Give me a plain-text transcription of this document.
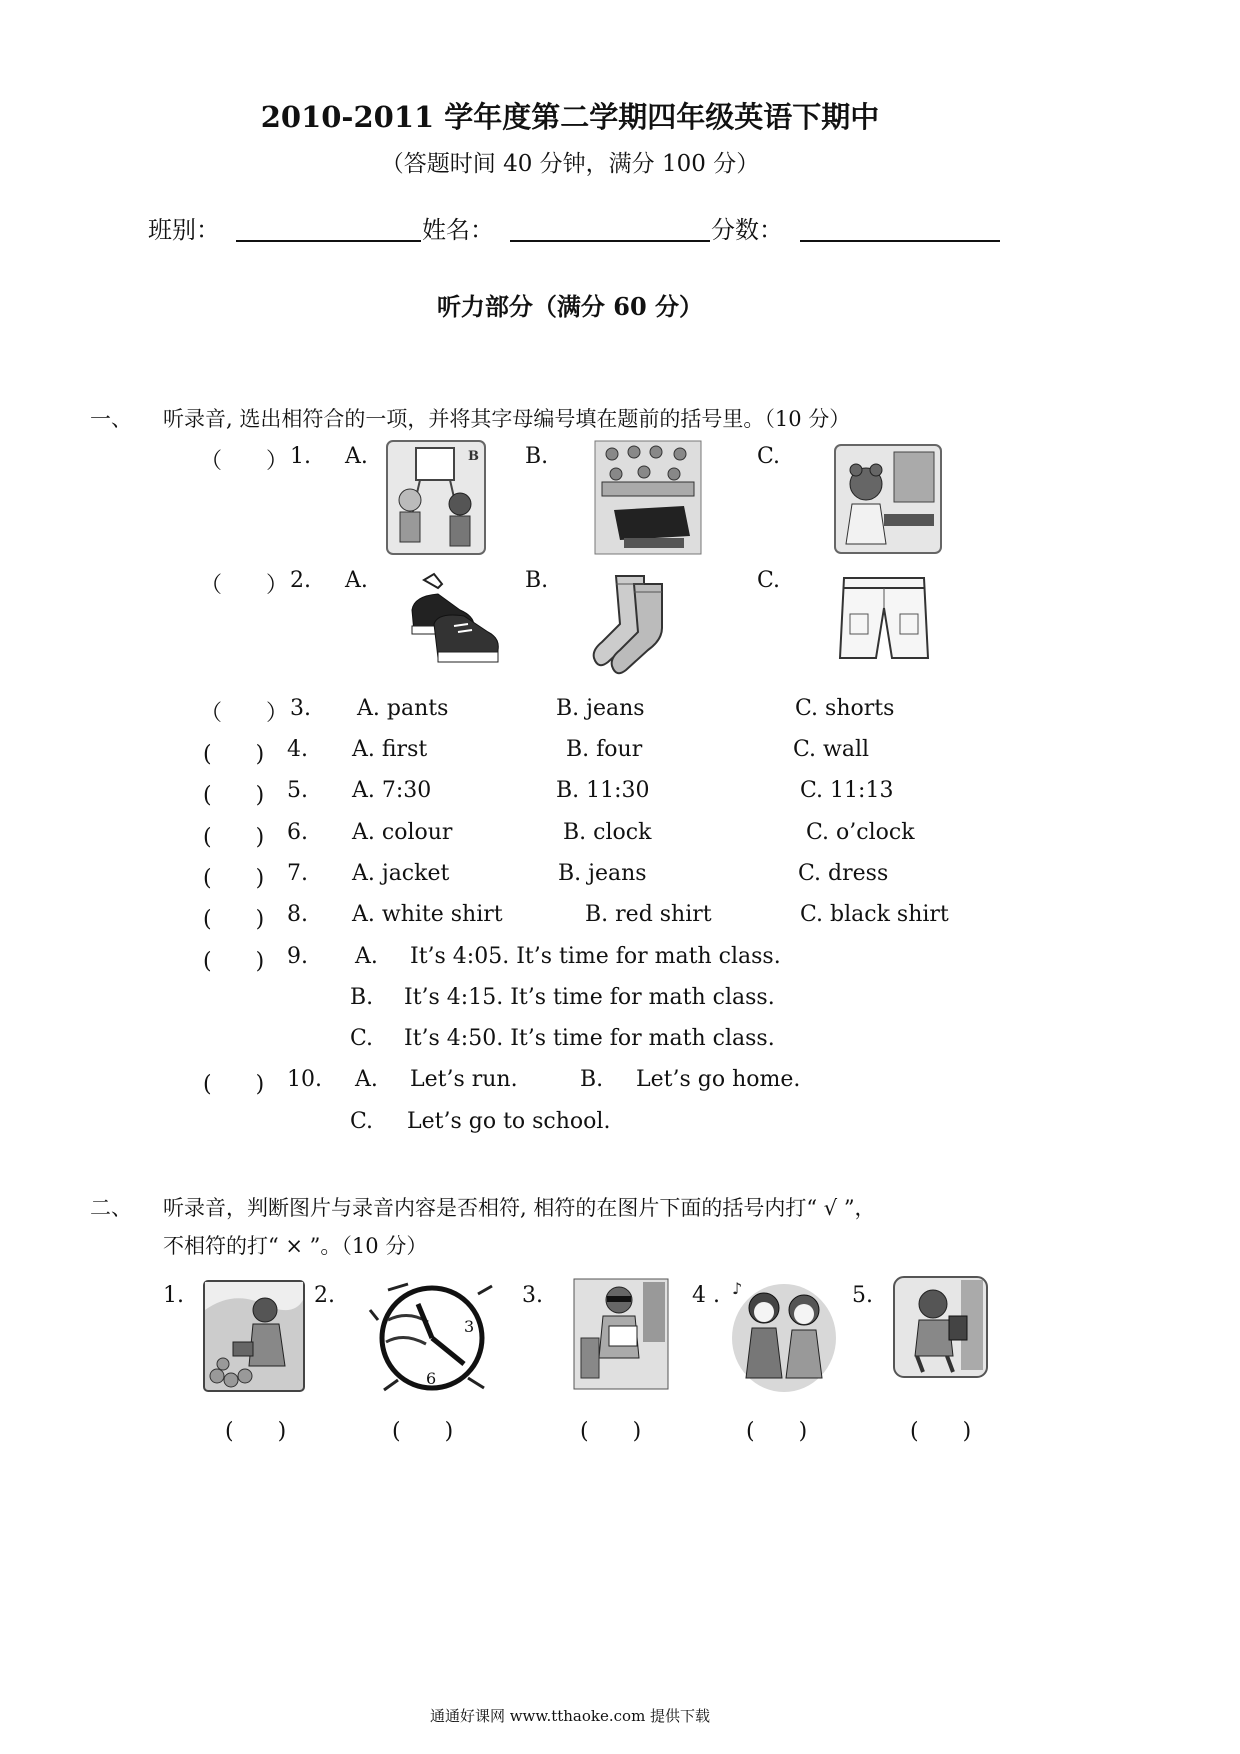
2010-2011 学年度第二学期四年级英语下期中
（答题时间 40 分钟，满分 100 分）
班别：	姓名：	分数：
听力部分（满分 60 分）
一、 听录音, 选出相符合的一项，并将其字母编号填在题前的括号里。（10 分）
（　　） 1. A.	B.	C.
B
（　　） 2. A.	B.	C.
（　　） 3. A. pants	B. jeans	C. shorts
(　　) 4. A. first	B. four	C. wall
(　　) 5. A. 7:30	B. 11:30	C. 11:13
(　　) 6. A. colour	B. clock	C. o’clock
(　　) 7. A. jacket	B. jeans	C. dress
(　　) 8. A. white shirt	B. red shirt	C. black shirt
(　　) 9. A. It’s 4:05. It’s time for math class.
B. It’s 4:15. It’s time for math class.
C. It’s 4:50. It’s time for math class.
(　　) 10. A. Let’s run.	B. Let’s go home.
C. Let’s go to school.
二、 听录音，判断图片与录音内容是否相符, 相符的在图片下面的括号内打“ √ ”，
不相符的打“ × ”。（10 分）
1.	2.	3.	4 .	5.
3
6
♪
(　　)	(　　)	(　　)	(　　)	(　　)
通通好课网 www.tthaoke.com 提供下载
